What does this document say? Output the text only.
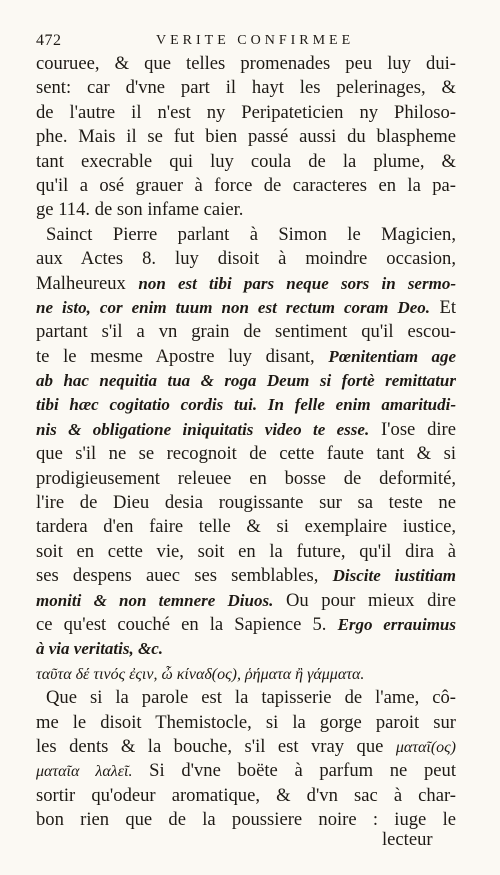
472	VERITE CONFIRMEE
couruee, & que telles promenades peu luy dui-
sent: car d'vne part il hayt les pelerinages, &
de l'autre il n'est ny Peripateticien ny Philoso-
phe. Mais il se fut bien passé aussi du blaspheme
tant execrable qui luy coula de la plume, &
qu'il a osé grauer à force de caracteres en la pa-
ge 114. de son infame caier.
Sainct Pierre parlant à Simon le Magicien,
aux Actes 8. luy disoit à moindre occasion,
Malheureux non est tibi pars neque sors in sermo-
ne isto, cor enim tuum non est rectum coram Deo. Et
partant s'il a vn grain de sentiment qu'il escou-
te le mesme Apostre luy disant, Pœnitentiam age
ab hac nequitia tua & roga Deum si fortè remittatur
tibi hæc cogitatio cordis tui. In felle enim amaritudi-
nis & obligatione iniquitatis video te esse. I'ose dire
que s'il ne se recognoit de cette faute tant & si
prodigieusement releuee en bosse de deformité,
l'ire de Dieu desia rougissante sur sa teste ne
tardera d'en faire telle & si exemplaire iustice,
soit en cette vie, soit en la future, qu'il dira à
ses despens auec ses semblables, Discite iustitiam
moniti & non temnere Diuos. Ou pour mieux dire
ce qu'est couché en la Sapience 5. Ergo errauimus
à via veritatis, &c.
ταῦτα δέ τινός ἐςιν, ὦ κίναδ(ος), ῥήματα ἢ γάμματα.
Que si la parole est la tapisserie de l'ame, cô-
me le disoit Themistocle, si la gorge paroit sur
les dents & la bouche, s'il est vray que ματαῖ(ος)
ματαῖα λαλεῖ. Si d'vne boëte à parfum ne peut
sortir qu'odeur aromatique, & d'vn sac à char-
bon rien que de la poussiere noire : iuge le
lecteur
